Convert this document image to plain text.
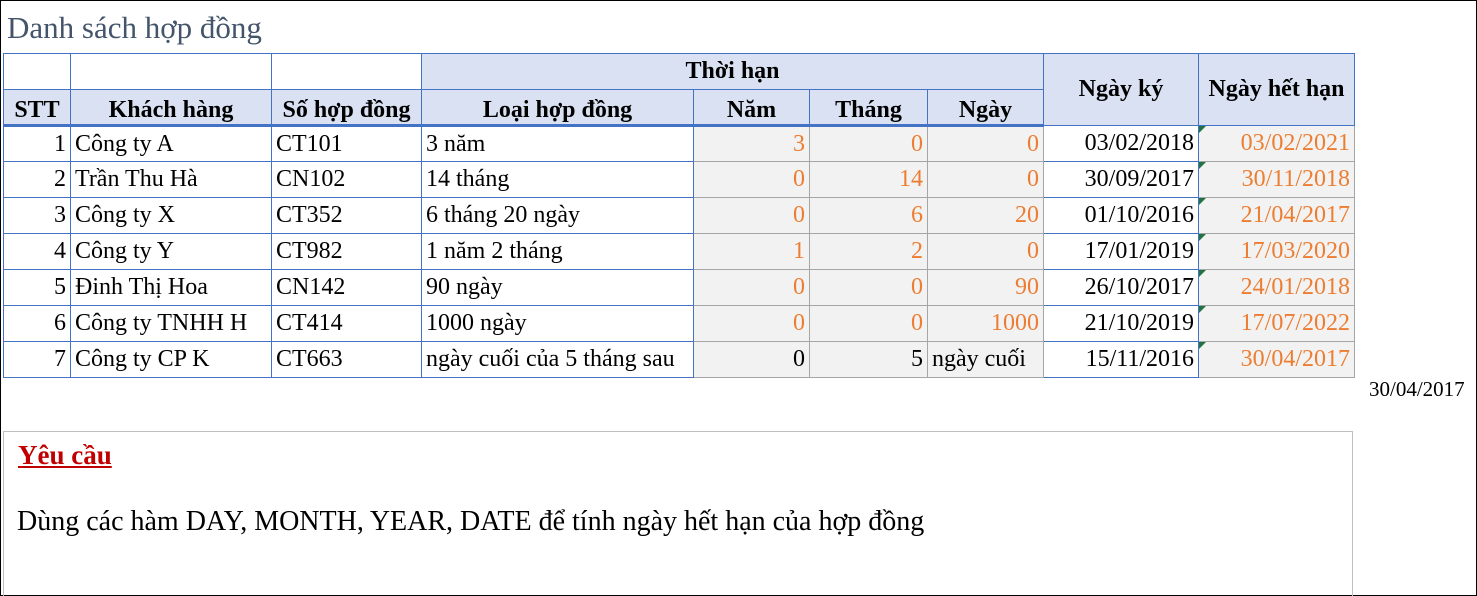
Danh sách hợp đồng
			Thời hạn				Ngày ký	Ngày hết hạn
STT	Khách hàng	Số hợp đồng	Loại hợp đồng	Năm	Tháng	Ngày		
1	Công ty A	CT101	3 năm	3	0	0	03/02/2018	03/02/2021
2	Trần Thu Hà	CN102	14 tháng	0	14	0	30/09/2017	30/11/2018
3	Công ty X	CT352	6 tháng 20 ngày	0	6	20	01/10/2016	21/04/2017
4	Công ty Y	CT982	1 năm 2 tháng	1	2	0	17/01/2019	17/03/2020
5	Đinh Thị Hoa	CN142	90 ngày	0	0	90	26/10/2017	24/01/2018
6	Công ty TNHH H	CT414	1000 ngày	0	0	1000	21/10/2019	17/07/2022
7	Công ty CP K	CT663	ngày cuối của 5 tháng sau	0	5	ngày cuối	15/11/2016	30/04/2017
30/04/2017
Yêu cầu
Dùng các hàm DAY, MONTH, YEAR, DATE để tính ngày hết hạn của hợp đồng
